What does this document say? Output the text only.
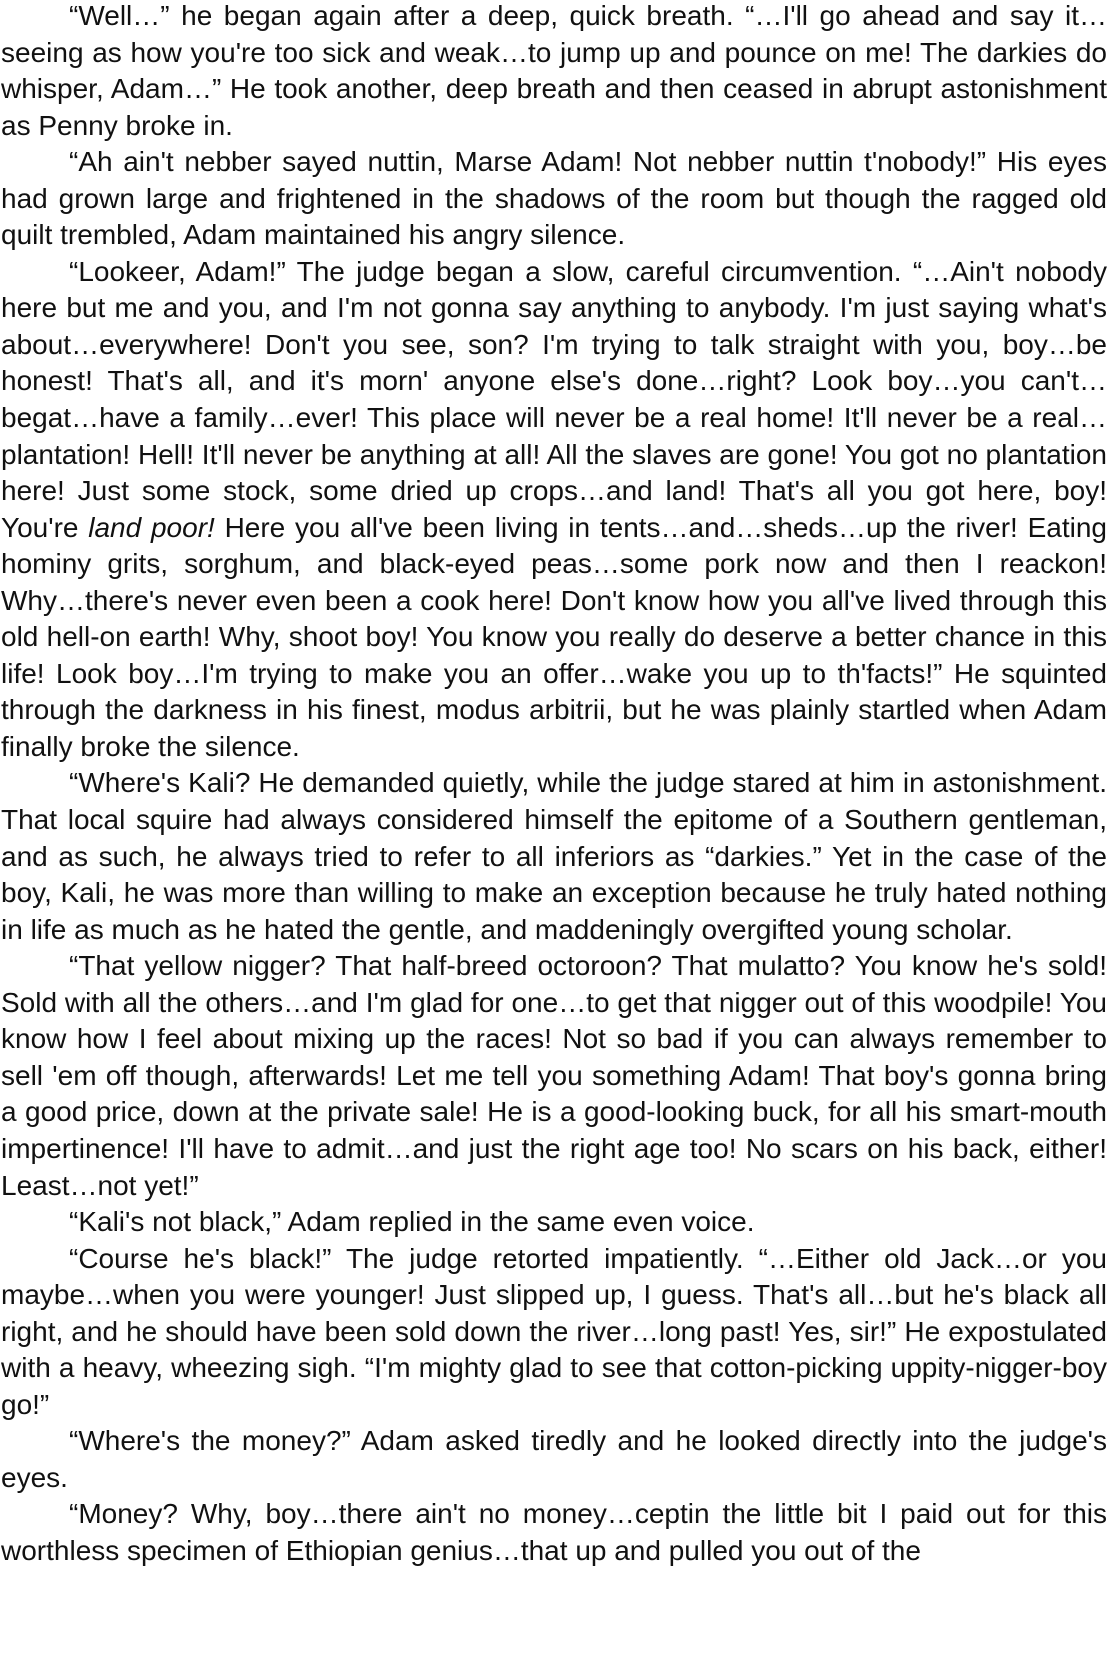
“Well…” he began again after a deep, quick breath. “…I'll go ahead and say it…seeing as how you're too sick and weak…to jump up and pounce on me! The darkies do whisper, Adam…” He took another, deep breath and then ceased in abrupt astonishment as Penny broke in.

“Ah ain't nebber sayed nuttin, Marse Adam! Not nebber nuttin t'nobody!” His eyes had grown large and frightened in the shadows of the room but though the ragged old quilt trembled, Adam maintained his angry silence.

“Lookeer, Adam!” The judge began a slow, careful circumvention. “…Ain't nobody here but me and you, and I'm not gonna say anything to anybody. I'm just saying what's about…everywhere! Don't you see, son? I'm trying to talk straight with you, boy…be honest! That's all, and it's morn' anyone else's done…right? Look boy…you can't…begat…have a family…ever! This place will never be a real home! It'll never be a real…plantation! Hell! It'll never be anything at all! All the slaves are gone! You got no plantation here! Just some stock, some dried up crops…and land! That's all you got here, boy! You're land poor! Here you all've been living in tents…and…sheds…up the river! Eating hominy grits, sorghum, and black-eyed peas…some pork now and then I reackon! Why…there's never even been a cook here! Don't know how you all've lived through this old hell-on earth! Why, shoot boy! You know you really do deserve a better chance in this life! Look boy…I'm trying to make you an offer…wake you up to th'facts!” He squinted through the darkness in his finest, modus arbitrii, but he was plainly startled when Adam finally broke the silence.

“Where's Kali? He demanded quietly, while the judge stared at him in astonishment. That local squire had always considered himself the epitome of a Southern gentleman, and as such, he always tried to refer to all inferiors as “darkies.” Yet in the case of the boy, Kali, he was more than willing to make an exception because he truly hated nothing in life as much as he hated the gentle, and maddeningly overgifted young scholar.

“That yellow nigger? That half-breed octoroon? That mulatto? You know he's sold! Sold with all the others…and I'm glad for one…to get that nigger out of this woodpile! You know how I feel about mixing up the races! Not so bad if you can always remember to sell 'em off though, afterwards! Let me tell you something Adam! That boy's gonna bring a good price, down at the private sale! He is a good-looking buck, for all his smart-mouth impertinence! I'll have to admit…and just the right age too! No scars on his back, either! Least…not yet!”

“Kali's not black,” Adam replied in the same even voice.

“Course he's black!” The judge retorted impatiently. “…Either old Jack…or you maybe…when you were younger! Just slipped up, I guess. That's all…but he's black all right, and he should have been sold down the river…long past! Yes, sir!” He expostulated with a heavy, wheezing sigh. “I'm mighty glad to see that cotton-picking uppity-nigger-boy go!”

“Where's the money?” Adam asked tiredly and he looked directly into the judge's eyes.

“Money? Why, boy…there ain't no money…ceptin the little bit I paid out for this worthless specimen of Ethiopian genius…that up and pulled you out of the
